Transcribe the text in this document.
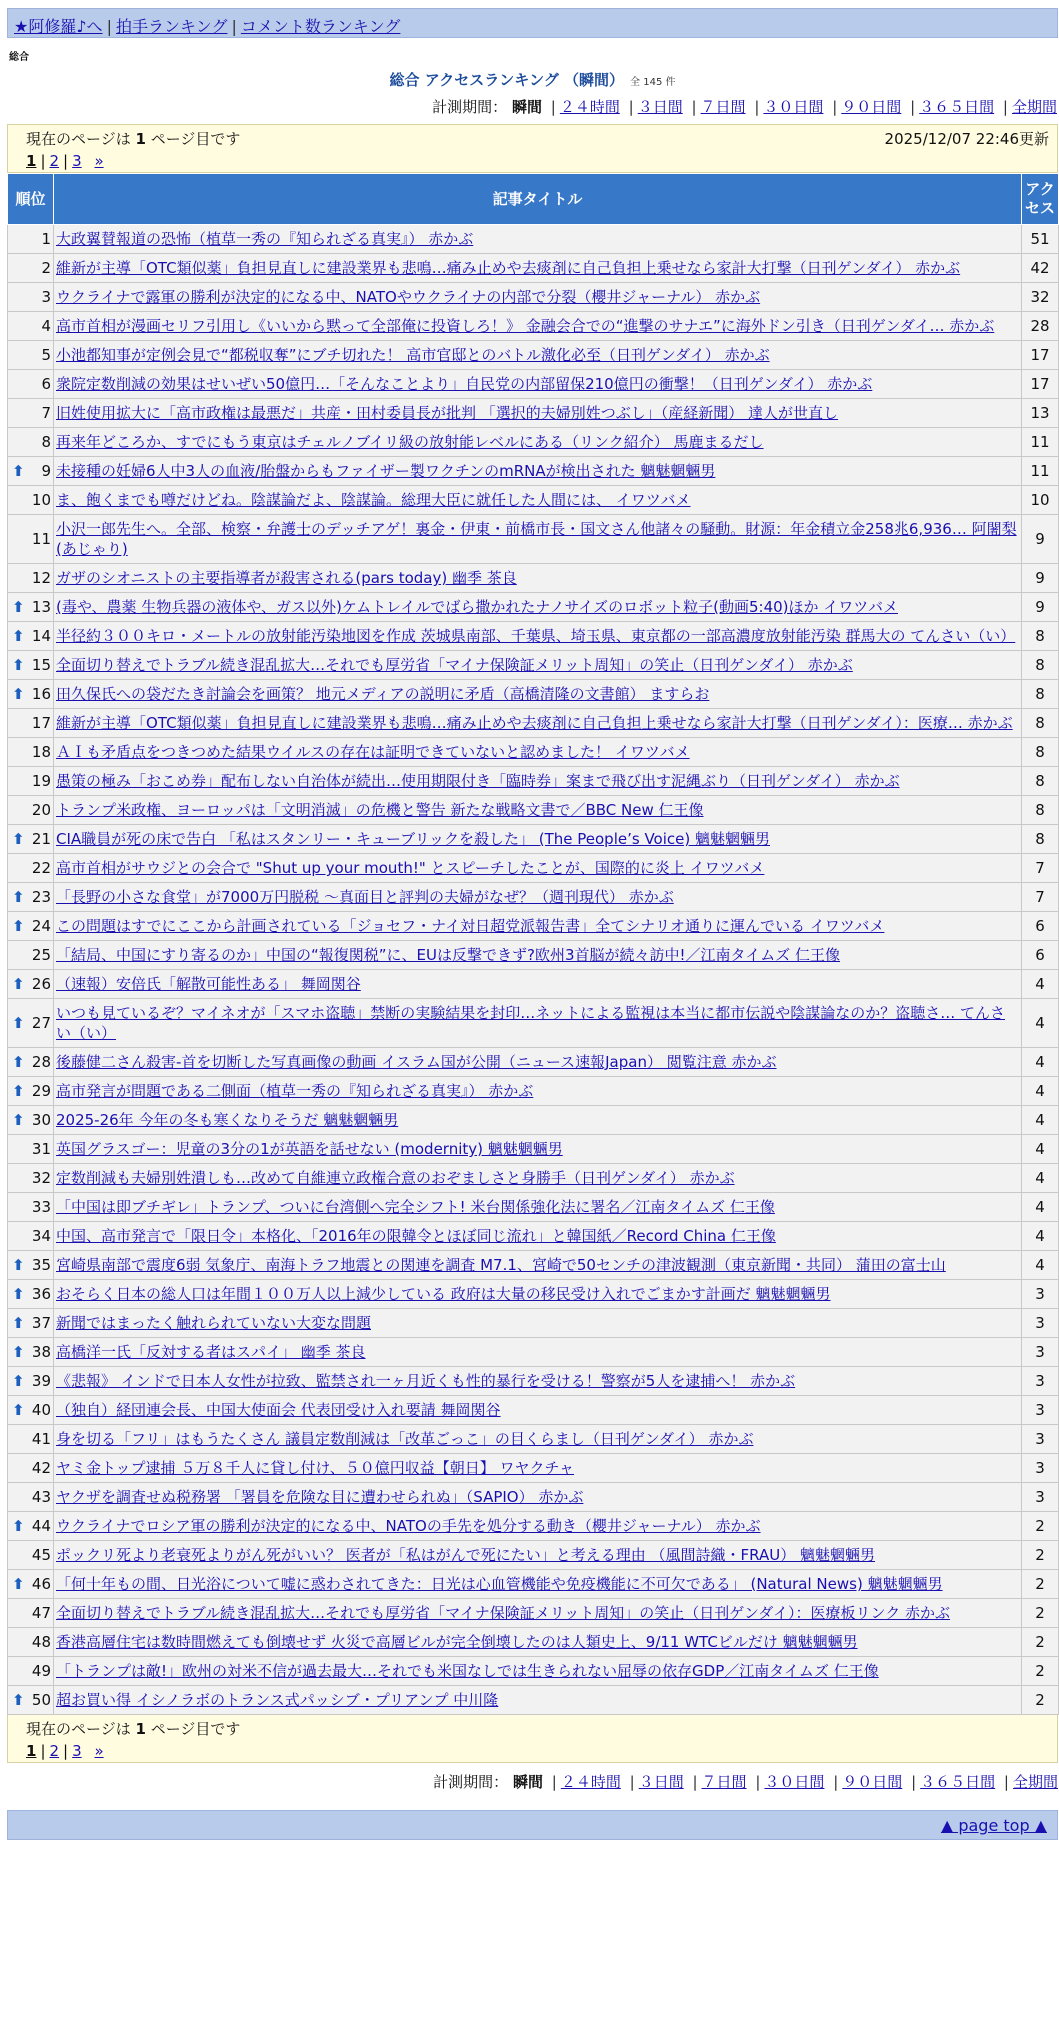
★阿修羅♪へ | 拍手ランキング | コメント数ランキング
総合
総合 アクセスランキング （瞬間） 全 145 件
計測期間： 瞬間 | ２４時間 | ３日間 | ７日間 | ３０日間 | ９０日間 | ３６５日間 | 全期間
現在のページは 1 ページ目です	2025/12/07 22:46更新
1 | 2 | 3 »
順位	記事タイトル	アクセス
1	大政翼賛報道の恐怖（植草一秀の『知られざる真実』） 赤かぶ	51
2	維新が主導「OTC類似薬」負担見直しに建設業界も悲鳴…痛み止めや去痰剤に自己負担上乗せなら家計大打撃（日刊ゲンダイ） 赤かぶ	42
3	ウクライナで露軍の勝利が決定的になる中、NATOやウクライナの内部で分裂（櫻井ジャーナル） 赤かぶ	32
4	高市首相が漫画セリフ引用し《いいから黙って全部俺に投資しろ！》 金融会合での“進撃のサナエ”に海外ドン引き（日刊ゲンダイ… 赤かぶ	28
5	小池都知事が定例会見で“都税収奪”にブチ切れた！ 高市官邸とのバトル激化必至（日刊ゲンダイ） 赤かぶ	17
6	衆院定数削減の効果はせいぜい50億円…「そんなことより」自民党の内部留保210億円の衝撃！（日刊ゲンダイ） 赤かぶ	17
7	旧姓使用拡大に「高市政権は最悪だ」共産・田村委員長が批判 「選択的夫婦別姓つぶし」（産経新聞） 達人が世直し	13
8	再来年どころか、すでにもう東京はチェルノブイリ級の放射能レベルにある（リンク紹介） 馬鹿まるだし	11

⬆ 9	未接種の妊婦6人中3人の血液/胎盤からもファイザー製ワクチンのmRNAが検出された 魑魅魍魎男	11
10	ま、飽くまでも噂だけどね。陰謀論だよ、陰謀論。総理大臣に就任した人間には、 イワツバメ	10
11	小沢一郎先生へ。全部、検察・弁護士のデッチアゲ！裏金・伊東・前橋市長・国文さん他諸々の騒動。財源：年金積立金258兆6,936… 阿闍梨(あじゃり)	9
12	ガザのシオニストの主要指導者が殺害される(pars today) 幽季 茶良	9

⬆ 13	(毒や、農薬 生物兵器の液体や、ガス以外)ケムトレイルでばら撒かれたナノサイズのロボット粒子(動画5:40)ほか イワツバメ	9

⬆ 14	半径約３００キロ・メートルの放射能汚染地図を作成 茨城県南部、千葉県、埼玉県、東京都の一部高濃度放射能汚染 群馬大の てんさい（い）	8

⬆ 15	全面切り替えでトラブル続き混乱拡大…それでも厚労省「マイナ保険証メリット周知」の笑止（日刊ゲンダイ） 赤かぶ	8

⬆ 16	田久保氏への袋だたき討論会を画策？ 地元メディアの説明に矛盾（高橋清隆の文書館） ますらお	8
17	維新が主導「OTC類似薬」負担見直しに建設業界も悲鳴…痛み止めや去痰剤に自己負担上乗せなら家計大打撃（日刊ゲンダイ）：医療… 赤かぶ	8
18	ＡＩも矛盾点をつきつめた結果ウイルスの存在は証明できていないと認めました！ イワツバメ	8
19	愚策の極み「おこめ券」配布しない自治体が続出…使用期限付き「臨時券」案まで飛び出す泥縄ぶり（日刊ゲンダイ） 赤かぶ	8
20	トランプ米政権、ヨーロッパは「文明消滅」の危機と警告 新たな戦略文書で／BBC New 仁王像	8

⬆ 21	CIA職員が死の床で告白 「私はスタンリー・キューブリックを殺した」 (The People’s Voice) 魑魅魍魎男	8
22	高市首相がサウジとの会合で "Shut up your mouth!" とスピーチしたことが、国際的に炎上 イワツバメ	7

⬆ 23	「長野の小さな食堂」が7000万円脱税 ～真面目と評判の夫婦がなぜ？（週刊現代） 赤かぶ	7

⬆ 24	この問題はすでにここから計画されている「ジョセフ・ナイ対日超党派報告書」全てシナリオ通りに運んでいる イワツバメ	6
25	「結局、中国にすり寄るのか」中国の“報復関税”に、EUは反撃できず?欧州3首脳が続々訪中!／江南タイムズ 仁王像	6

⬆ 26	（速報）安倍氏「解散可能性ある」 舞岡関谷	4

⬆ 27	いつも見ているぞ？マイネオが「スマホ盗聴」禁断の実験結果を封印…ネットによる監視は本当に都市伝説や陰謀論なのか？盗聴さ… てんさい（い）	4

⬆ 28	後藤健二さん殺害-首を切断した写真画像の動画 イスラム国が公開（ニュース速報Japan） 閲覧注意 赤かぶ	4

⬆ 29	高市発言が問題である二側面（植草一秀の『知られざる真実』） 赤かぶ	4

⬆ 30	2025-26年 今年の冬も寒くなりそうだ 魑魅魍魎男	4
31	英国グラスゴー：児童の3分の1が英語を話せない (modernity) 魑魅魍魎男	4
32	定数削減も夫婦別姓潰しも…改めて自維連立政権合意のおぞましさと身勝手（日刊ゲンダイ） 赤かぶ	4
33	「中国は即ブチギレ」トランプ、ついに台湾側へ完全シフト! 米台関係強化法に署名／江南タイムズ 仁王像	4
34	中国、高市発言で「限日令」本格化、「2016年の限韓令とほぼ同じ流れ」と韓国紙／Record China 仁王像	4

⬆ 35	宮崎県南部で震度6弱 気象庁、南海トラフ地震との関連を調査 M7.1、宮崎で50センチの津波観測（東京新聞・共同） 蒲田の富士山	4

⬆ 36	おそらく日本の総人口は年間１００万人以上減少している 政府は大量の移民受け入れでごまかす計画だ 魑魅魍魎男	3

⬆ 37	新聞ではまったく触れられていない大変な問題	3

⬆ 38	高橋洋一氏「反対する者はスパイ」 幽季 茶良	3

⬆ 39	《悲報》 インドで日本人女性が拉致、監禁され一ヶ月近くも性的暴行を受ける！警察が5人を逮捕へ！ 赤かぶ	3

⬆ 40	（独自）経団連会長、中国大使面会 代表団受け入れ要請 舞岡関谷	3
41	身を切る「フリ」はもうたくさん 議員定数削減は「改革ごっこ」の目くらまし（日刊ゲンダイ） 赤かぶ	3
42	ヤミ金トップ逮捕 ５万８千人に貸し付け、５０億円収益【朝日】 ワヤクチャ	3
43	ヤクザを調査せぬ税務署 「署員を危険な目に遭わせられぬ」（SAPIO） 赤かぶ	3

⬆ 44	ウクライナでロシア軍の勝利が決定的になる中、NATOの手先を処分する動き（櫻井ジャーナル） 赤かぶ	2
45	ポックリ死より老衰死よりがん死がいい？ 医者が「私はがんで死にたい」と考える理由 （風間詩織・FRAU） 魑魅魍魎男	2

⬆ 46	「何十年もの間、日光浴について嘘に惑わされてきた：日光は心血管機能や免疫機能に不可欠である」 (Natural News) 魑魅魍魎男	2
47	全面切り替えでトラブル続き混乱拡大…それでも厚労省「マイナ保険証メリット周知」の笑止（日刊ゲンダイ）：医療板リンク 赤かぶ	2
48	香港高層住宅は数時間燃えても倒壊せず 火災で高層ビルが完全倒壊したのは人類史上、9/11 WTCビルだけ 魑魅魍魎男	2
49	「トランプは敵!」欧州の対米不信が過去最大…それでも米国なしでは生きられない屈辱の依存GDP／江南タイムズ 仁王像	2

⬆ 50	超お買い得 イシノラボのトランス式パッシブ・プリアンプ 中川隆	2
現在のページは 1 ページ目です
1 | 2 | 3 »
計測期間： 瞬間 | ２４時間 | ３日間 | ７日間 | ３０日間 | ９０日間 | ３６５日間 | 全期間
▲ page top ▲
